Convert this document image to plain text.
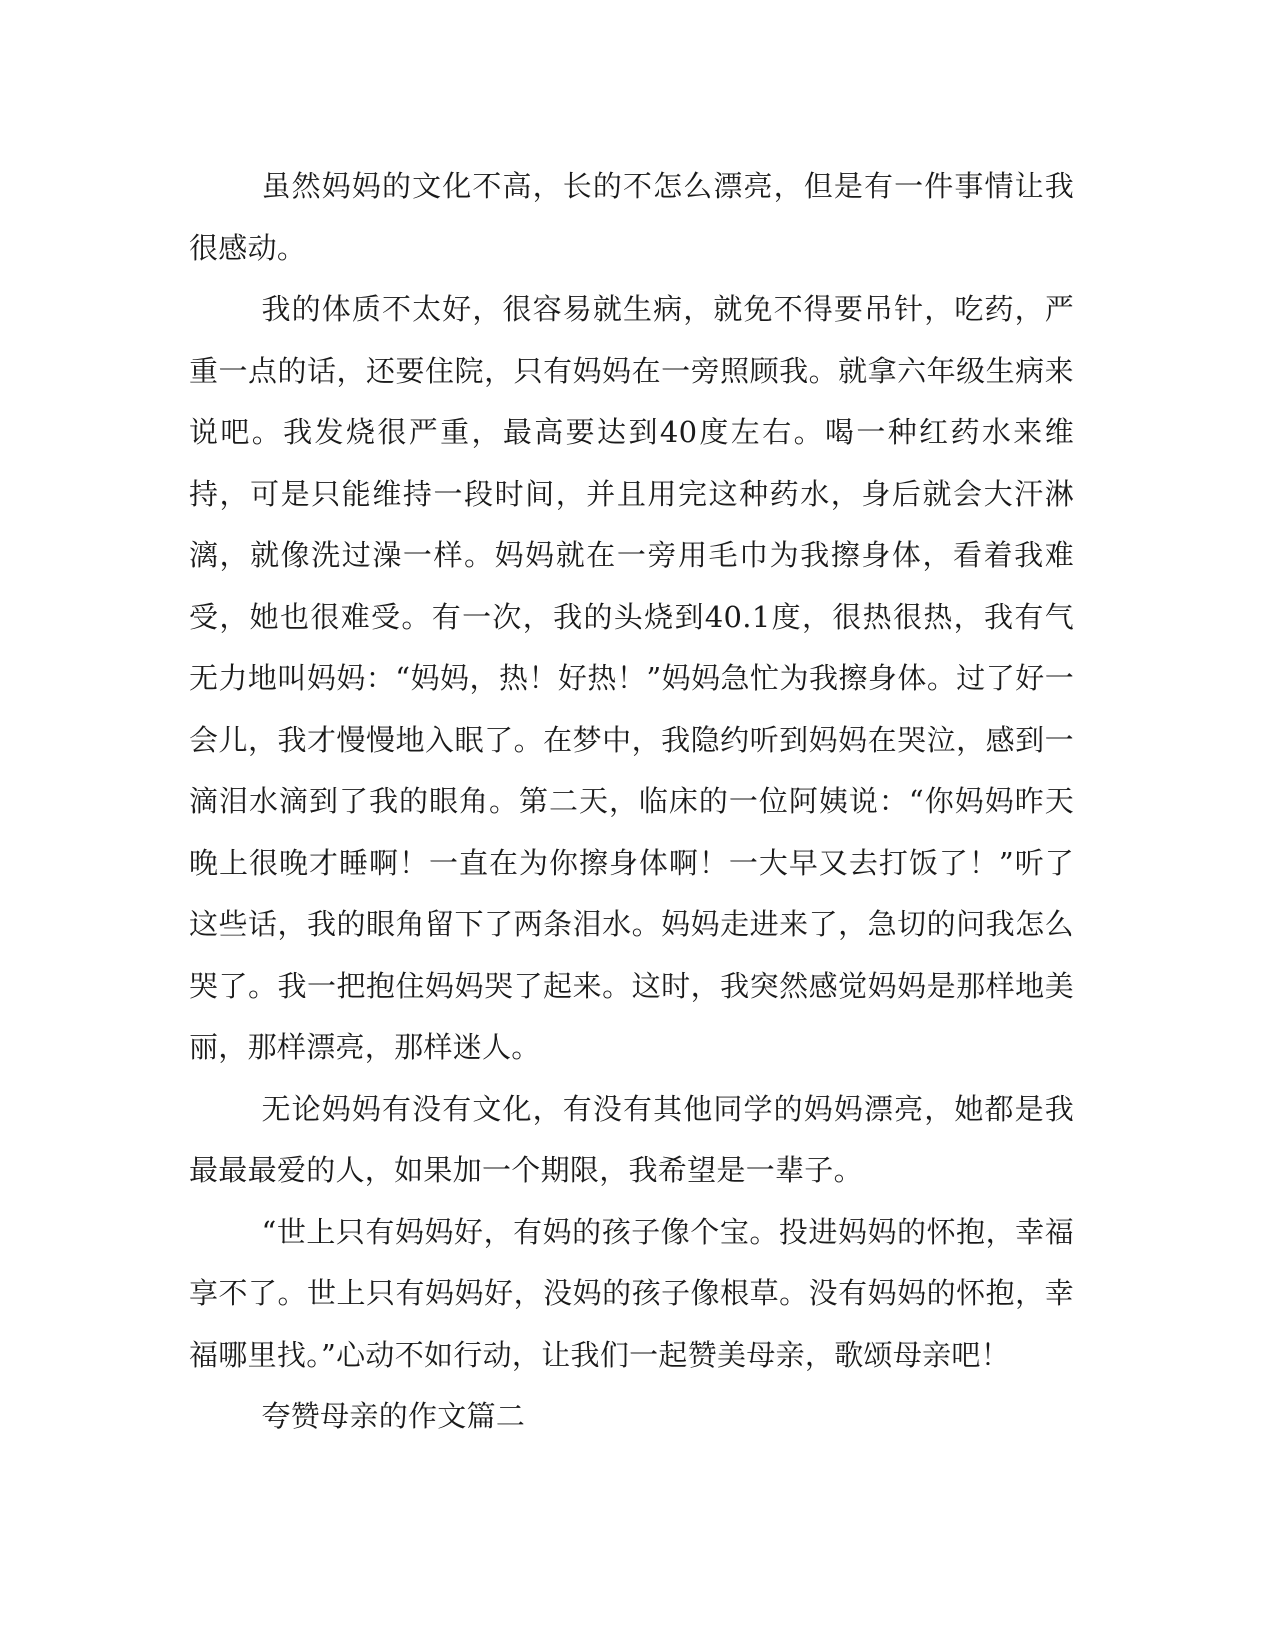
虽然妈妈的文化不高，长的不怎么漂亮，但是有一件事情让我很感动。

我的体质不太好，很容易就生病，就免不得要吊针，吃药，严重一点的话，还要住院，只有妈妈在一旁照顾我。就拿六年级生病来说吧。我发烧很严重，最高要达到40度左右。喝一种红药水来维持，可是只能维持一段时间，并且用完这种药水，身后就会大汗淋漓，就像洗过澡一样。妈妈就在一旁用毛巾为我擦身体，看着我难受，她也很难受。有一次，我的头烧到40.1度，很热很热，我有气无力地叫妈妈：“妈妈，热！好热！”妈妈急忙为我擦身体。过了好一会儿，我才慢慢地入眠了。在梦中，我隐约听到妈妈在哭泣，感到一滴泪水滴到了我的眼角。第二天，临床的一位阿姨说：“你妈妈昨天晚上很晚才睡啊！一直在为你擦身体啊！一大早又去打饭了！”听了这些话，我的眼角留下了两条泪水。妈妈走进来了，急切的问我怎么哭了。我一把抱住妈妈哭了起来。这时，我突然感觉妈妈是那样地美丽，那样漂亮，那样迷人。

无论妈妈有没有文化，有没有其他同学的妈妈漂亮，她都是我最最最爱的人，如果加一个期限，我希望是一辈子。

“世上只有妈妈好，有妈的孩子像个宝。投进妈妈的怀抱，幸福享不了。世上只有妈妈好，没妈的孩子像根草。没有妈妈的怀抱，幸福哪里找。”心动不如行动，让我们一起赞美母亲，歌颂母亲吧！

夸赞母亲的作文篇二
